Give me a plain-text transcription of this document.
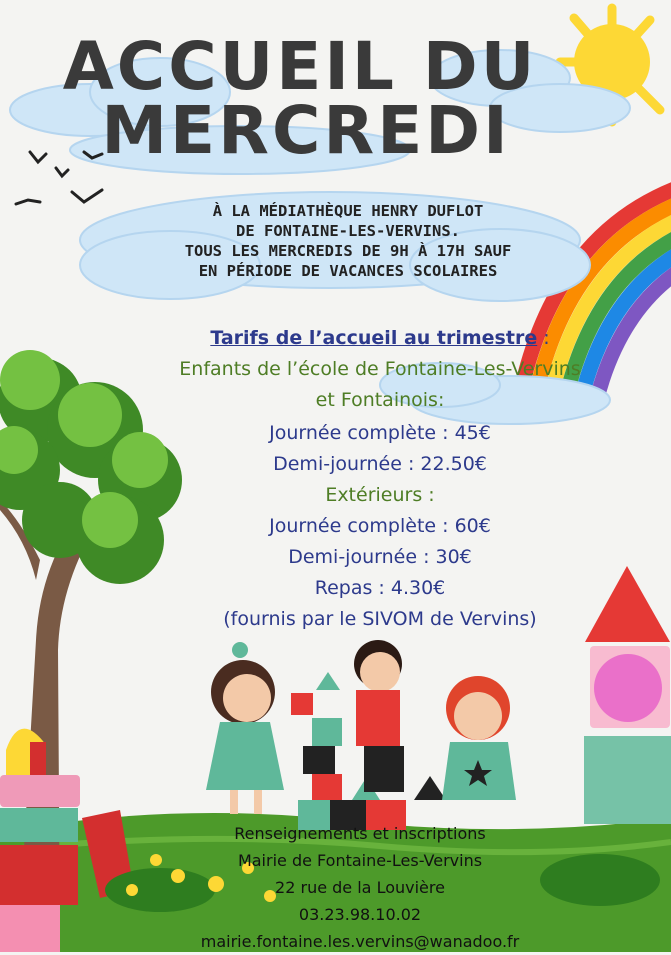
ACCUEIL DU
MERCREDI
À LA MÉDIATHÈQUE HENRY DUFLOT
DE FONTAINE-LES-VERVINS.
TOUS LES MERCREDIS DE 9H À 17H SAUF
EN PÉRIODE DE VACANCES SCOLAIRES
Tarifs de l’accueil au trimestre :
Enfants de l’école de Fontaine-Les-Vervins
et Fontainois:
Journée complète : 45€
Demi-journée : 22.50€
Extérieurs :
Journée complète : 60€
Demi-journée : 30€
Repas : 4.30€
(fournis par le SIVOM de Vervins)
Renseignements et inscriptions
Mairie de Fontaine-Les-Vervins
22 rue de la Louvière
03.23.98.10.02
mairie.fontaine.les.vervins@wanadoo.fr
